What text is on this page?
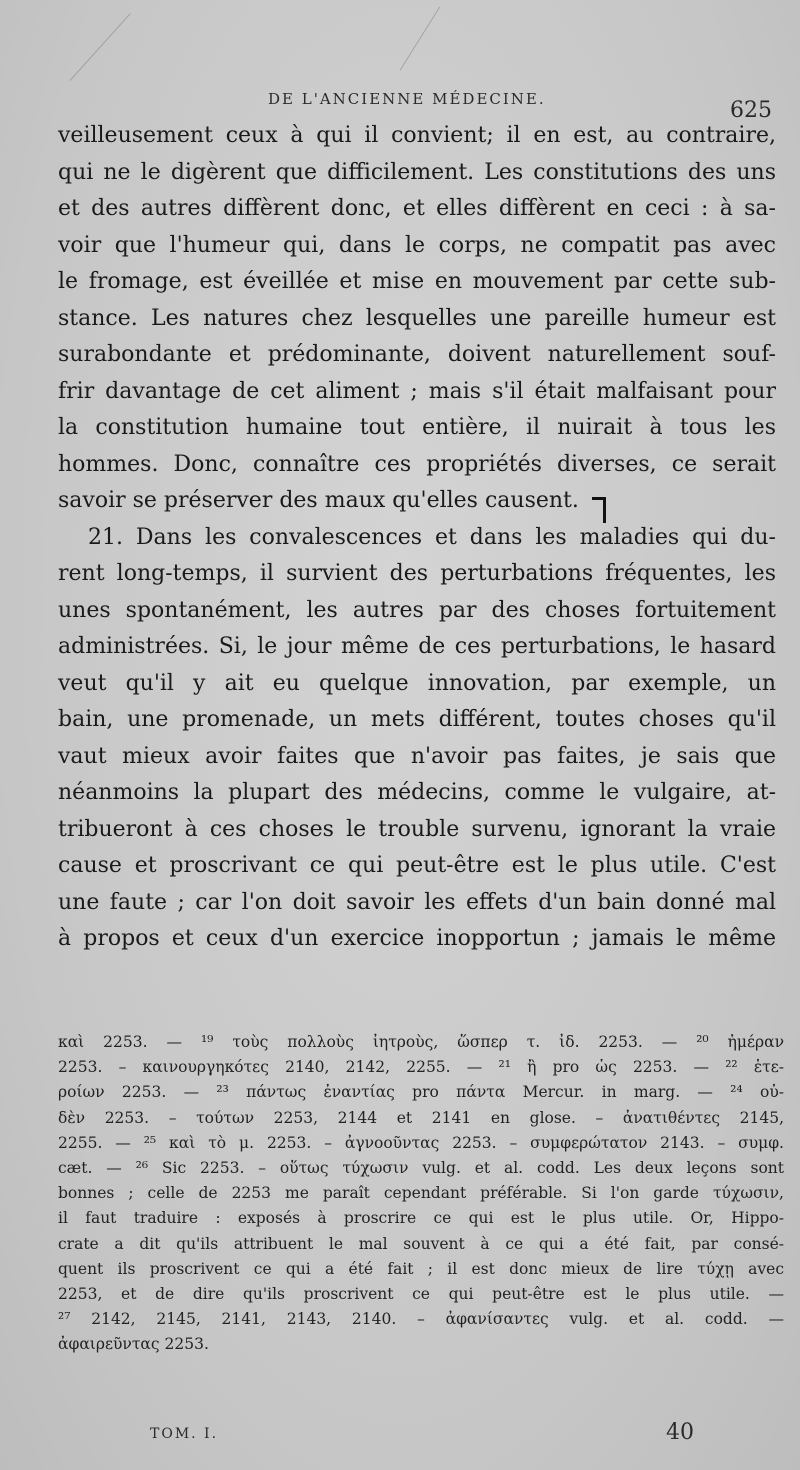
DE L'ANCIENNE MÉDECINE.	625
veilleusement ceux à qui il convient; il en est, au contraire,
qui ne le digèrent que difficilement. Les constitutions des uns
et des autres diffèrent donc, et elles diffèrent en ceci : à sa-
voir que l'humeur qui, dans le corps, ne compatit pas avec
le fromage, est éveillée et mise en mouvement par cette sub-
stance. Les natures chez lesquelles une pareille humeur est
surabondante et prédominante, doivent naturellement souf-
frir davantage de cet aliment ; mais s'il était malfaisant pour
la constitution humaine tout entière, il nuirait à tous les
hommes. Donc, connaître ces propriétés diverses, ce serait
savoir se préserver des maux qu'elles causent.
21. Dans les convalescences et dans les maladies qui du-
rent long-temps, il survient des perturbations fréquentes, les
unes spontanément, les autres par des choses fortuitement
administrées. Si, le jour même de ces perturbations, le hasard
veut qu'il y ait eu quelque innovation, par exemple, un
bain, une promenade, un mets différent, toutes choses qu'il
vaut mieux avoir faites que n'avoir pas faites, je sais que
néanmoins la plupart des médecins, comme le vulgaire, at-
tribueront à ces choses le trouble survenu, ignorant la vraie
cause et proscrivant ce qui peut-être est le plus utile. C'est
une faute ; car l'on doit savoir les effets d'un bain donné mal
à propos et ceux d'un exercice inopportun ; jamais le même
καὶ 2253. — ¹⁹ τοὺς πολλοὺς ἰητροὺς, ὥσπερ τ. ἰδ. 2253. — ²⁰ ἡμέραν
2253. – καινουργηκότες 2140, 2142, 2255. — ²¹ ἢ pro ὡς 2253. — ²² ἑτε-
ροίων 2253. — ²³ πάντως ἐναντίας pro πάντα Mercur. in marg. — ²⁴ οὐ-
δὲν 2253. – τούτων 2253, 2144 et 2141 en glose. – ἀνατιθέντες 2145,
2255. — ²⁵ καὶ τὸ μ. 2253. – ἀγνοοῦντας 2253. – συμφερώτατον 2143. – συμφ.
cæt. — ²⁶ Sic 2253. – οὕτως τύχωσιν vulg. et al. codd. Les deux leçons sont
bonnes ; celle de 2253 me paraît cependant préférable. Si l'on garde τύχωσιν,
il faut traduire : exposés à proscrire ce qui est le plus utile. Or, Hippo-
crate a dit qu'ils attribuent le mal souvent à ce qui a été fait, par consé-
quent ils proscrivent ce qui a été fait ; il est donc mieux de lire τύχῃ avec
2253, et de dire qu'ils proscrivent ce qui peut-être est le plus utile. —
²⁷ 2142, 2145, 2141, 2143, 2140. – ἀφανίσαντες vulg. et al. codd. —
ἀφαιρεῦντας 2253.
TOM. I.	40
